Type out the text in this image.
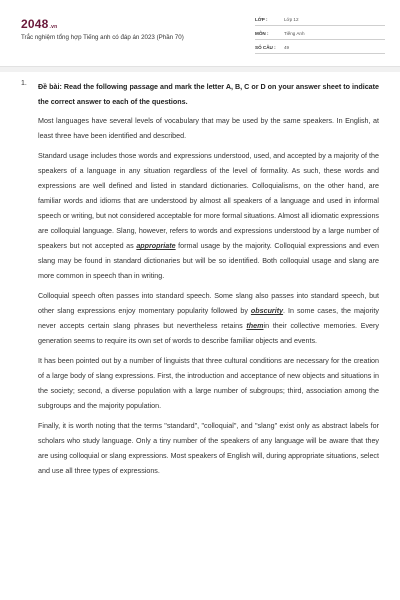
2048.vn
Trắc nghiệm tổng hợp Tiếng anh có đáp án 2023 (Phần 70)
LỚP :	Lớp 12
MÔN :	Tiếng Anh
SỐ CÂU : 49
1. Đề bài: Read the following passage and mark the letter A, B, C or D on your answer sheet to indicate the correct answer to each of the questions.
Most languages have several levels of vocabulary that may be used by the same speakers. In English, at least three have been identified and described.
Standard usage includes those words and expressions understood, used, and accepted by a majority of the speakers of a language in any situation regardless of the level of formality. As such, these words and expressions are well defined and listed in standard dictionaries. Colloquialisms, on the other hand, are familiar words and idioms that are understood by almost all speakers of a language and used in informal speech or writing, but not considered acceptable for more formal situations. Almost all idiomatic expressions are colloquial language. Slang, however, refers to words and expressions understood by a large number of speakers but not accepted as appropriate formal usage by the majority. Colloquial expressions and even slang may be found in standard dictionaries but will be so identified. Both colloquial usage and slang are more common in speech than in writing.
Colloquial speech often passes into standard speech. Some slang also passes into standard speech, but other slang expressions enjoy momentary popularity followed by obscurity. In some cases, the majority never accepts certain slang phrases but nevertheless retains themin their collective memories. Every generation seems to require its own set of words to describe familiar objects and events.
It has been pointed out by a number of linguists that three cultural conditions are necessary for the creation of a large body of slang expressions. First, the introduction and acceptance of new objects and situations in the society; second, a diverse population with a large number of subgroups; third, association among the subgroups and the majority population.
Finally, it is worth noting that the terms "standard", "colloquial", and "slang" exist only as abstract labels for scholars who study language. Only a tiny number of the speakers of any language will be aware that they are using colloquial or slang expressions. Most speakers of English will, during appropriate situations, select and use all three types of expressions.
